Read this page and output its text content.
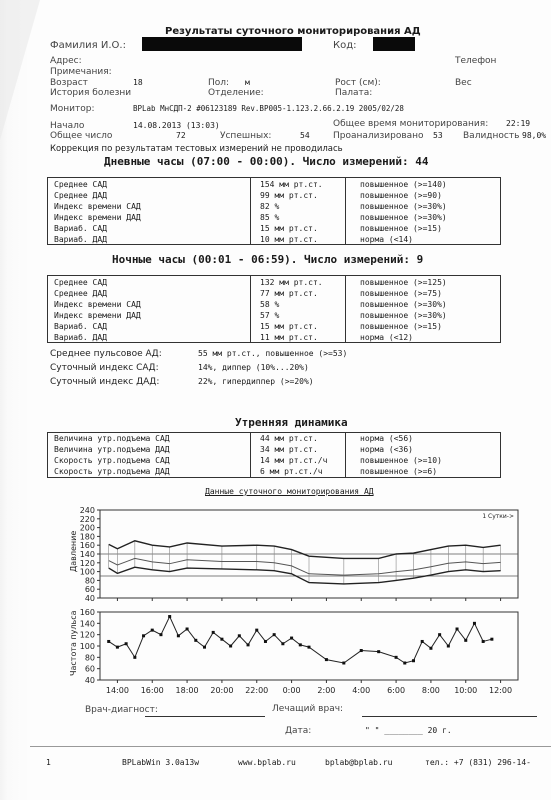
Результаты суточного мониторирования АД
Фамилия И.О.:	Код:
Адрес:	Телефон
Примечания:
Возраст	18	Пол: м	Рост (см):	Вес
История болезни	Отделение:	Палата:
Монитор:	BPLab МнСДП-2 #06123189 Rev.BP005-1.123.2.66.2.19 2005/02/28
Начало	14.08.2013 (13:03)	Общее время мониторирования: 22:19
Общее число	72	Успешных:	54	Проанализировано 53 Валидность 98,0%
Коррекция по результатам тестовых измерений не проводилась
Дневные часы (07:00 - 00:00). Число измерений: 44
Среднее САД	154 мм рт.ст.	повышенное (>=140)
Среднее ДАД	99 мм рт.ст.	повышенное (>=90)
Индекс времени САД	82 %	повышенное (>=30%)
Индекс времени ДАД	85 %	повышенное (>=30%)
Вариаб. САД	15 мм рт.ст.	повышенное (>=15)
Вариаб. ДАД	10 мм рт.ст.	норма (<14)
Ночные часы (00:01 - 06:59). Число измерений: 9
Среднее САД	132 мм рт.ст.	повышенное (>=125)
Среднее ДАД	77 мм рт.ст.	повышенное (>=75)
Индекс времени САД	58 %	повышенное (>=30%)
Индекс времени ДАД	57 %	повышенное (>=30%)
Вариаб. САД	15 мм рт.ст.	повышенное (>=15)
Вариаб. ДАД	11 мм рт.ст.	норма (<12)
Среднее пульсовое АД:	55 мм рт.ст., повышенное (>=53)
Суточный индекс САД:	14%, диппер (10%...20%)
Суточный индекс ДАД:	22%, гипердиппер (>=20%)
Утренняя динамика
Величина утр.подъема САД	44 мм рт.ст.	норма (<56)
Величина утр.подъема ДАД	34 мм рт.ст.	норма (<36)
Скорость утр.подъема САД	14 мм рт.ст./ч	повышенное (>=10)
Скорость утр.подъема ДАД	6 мм рт.ст./ч	повышенное (>=6)
Данные суточного мониторирования АД
40
60
80
100
120
140
160
180
200
220
240
Давление
1 Сутки->
40
60
80
100
120
140
160
Частота пульса
14:00 16:00 18:00 20:00 22:00 0:00 2:00 4:00 6:00 8:00 10:00 12:00
Врач-диагност:	Лечащий врач:
Дата:	" " ________ 20 г.
1	BPLabWin 3.0a13w	www.bplab.ru	bplab@bplab.ru	тел.: +7 (831) 296-14-
